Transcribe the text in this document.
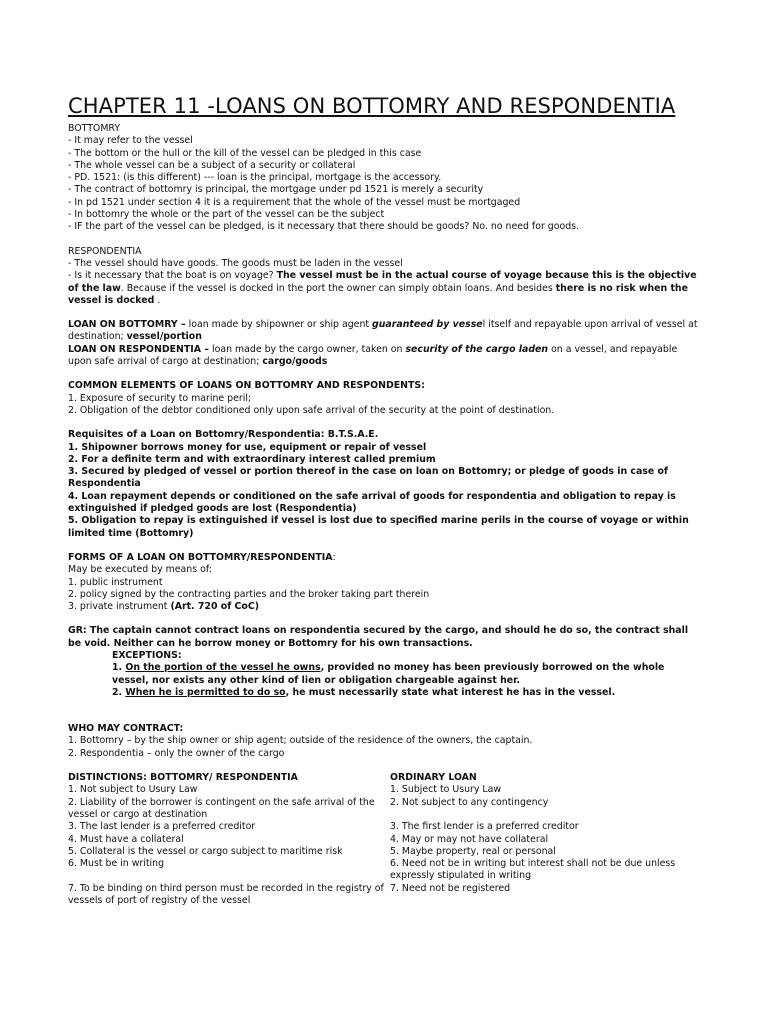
CHAPTER 11 -LOANS ON BOTTOMRY AND RESPONDENTIA
BOTTOMRY
- It may refer to the vessel
- The bottom or the hull or the kill of the vessel can be pledged in this case
- The whole vessel can be a subject of a security or collateral
- PD. 1521: (is this different) --- loan is the principal, mortgage is the accessory.
- The contract of bottomry is principal, the mortgage under pd 1521 is merely a security
- In pd 1521 under section 4 it is a requirement that the whole of the vessel must be mortgaged
- In bottomry the whole or the part of the vessel can be the subject
- IF the part of the vessel can be pledged, is it necessary that there should be goods? No. no need for goods.
RESPONDENTIA
- The vessel should have goods. The goods must be laden in the vessel
- Is it necessary that the boat is on voyage? The vessel must be in the actual course of voyage because this is the objective of the law. Because if the vessel is docked in the port the owner can simply obtain loans. And besides there is no risk when the vessel is docked .
LOAN ON BOTTOMRY – loan made by shipowner or ship agent guaranteed by vessel itself and repayable upon arrival of vessel at destination; vessel/portion
LOAN ON RESPONDENTIA – loan made by the cargo owner, taken on security of the cargo laden on a vessel, and repayable upon safe arrival of cargo at destination; cargo/goods
COMMON ELEMENTS OF LOANS ON BOTTOMRY AND RESPONDENTS:
1. Exposure of security to marine peril;
2. Obligation of the debtor conditioned only upon safe arrival of the security at the point of destination.
Requisites of a Loan on Bottomry/Respondentia: B.T.S.A.E.
1. Shipowner borrows money for use, equipment or repair of vessel
2. For a definite term and with extraordinary interest called premium
3. Secured by pledged of vessel or portion thereof in the case on loan on Bottomry; or pledge of goods in case of Respondentia
4. Loan repayment depends or conditioned on the safe arrival of goods for respondentia and obligation to repay is extinguished if pledged goods are lost (Respondentia)
5. Obligation to repay is extinguished if vessel is lost due to specified marine perils in the course of voyage or within limited time (Bottomry)
FORMS OF A LOAN ON BOTTOMRY/RESPONDENTIA:
May be executed by means of:
1. public instrument
2. policy signed by the contracting parties and the broker taking part therein
3. private instrument (Art. 720 of CoC)
GR: The captain cannot contract loans on respondentia secured by the cargo, and should he do so, the contract shall be void. Neither can he borrow money or Bottomry for his own transactions.
EXCEPTIONS:
1. On the portion of the vessel he owns, provided no money has been previously borrowed on the whole vessel, nor exists any other kind of lien or obligation chargeable against her.
2. When he is permitted to do so, he must necessarily state what interest he has in the vessel.
WHO MAY CONTRACT:
1. Bottomry – by the ship owner or ship agent; outside of the residence of the owners, the captain.
2. Respondentia – only the owner of the cargo
DISTINCTIONS: BOTTOMRY/ RESPONDENTIA
1. Not subject to Usury Law
2. Liability of the borrower is contingent on the safe arrival of the vessel or cargo at destination
3. The last lender is a preferred creditor
4. Must have a collateral
5. Collateral is the vessel or cargo subject to maritime risk
6. Must be in writing

7. To be binding on third person must be recorded in the registry of vessels of port of registry of the vessel
ORDINARY LOAN
1. Subject to Usury Law
2. Not subject to any contingency

3. The first lender is a preferred creditor
4. May or may not have collateral
5. Maybe property, real or personal
6. Need not be in writing but interest shall not be due unless expressly stipulated in writing
7. Need not be registered
